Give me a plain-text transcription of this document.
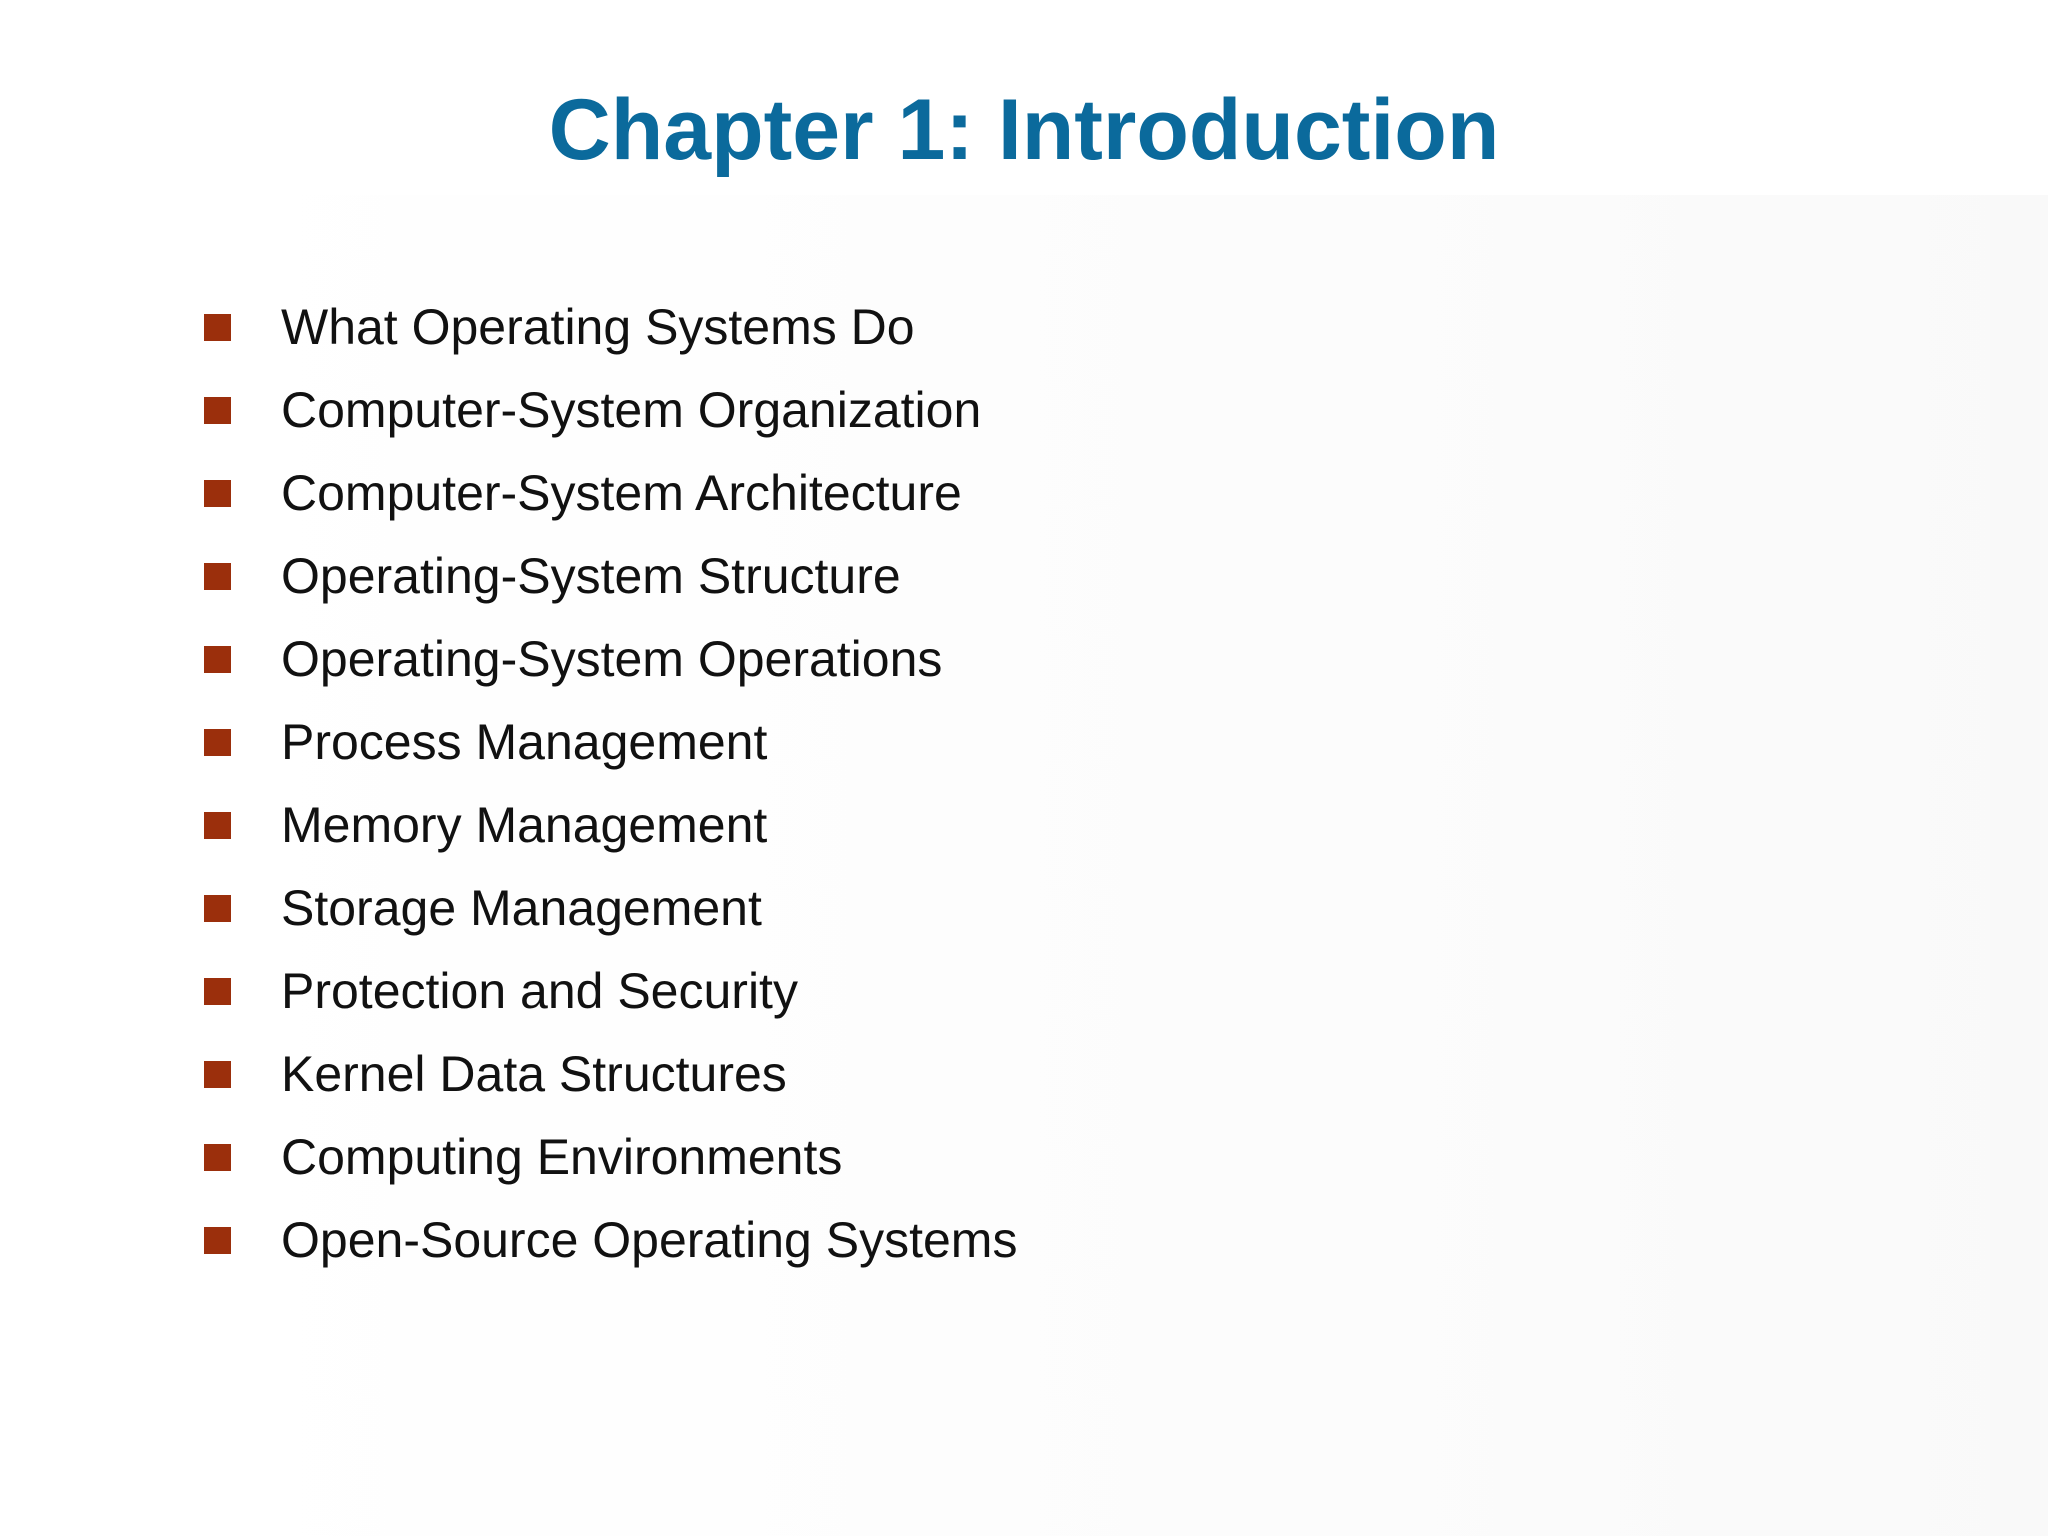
Chapter 1: Introduction
What Operating Systems Do
Computer-System Organization
Computer-System Architecture
Operating-System Structure
Operating-System Operations
Process Management
Memory Management
Storage Management
Protection and Security
Kernel Data Structures
Computing Environments
Open-Source Operating Systems
